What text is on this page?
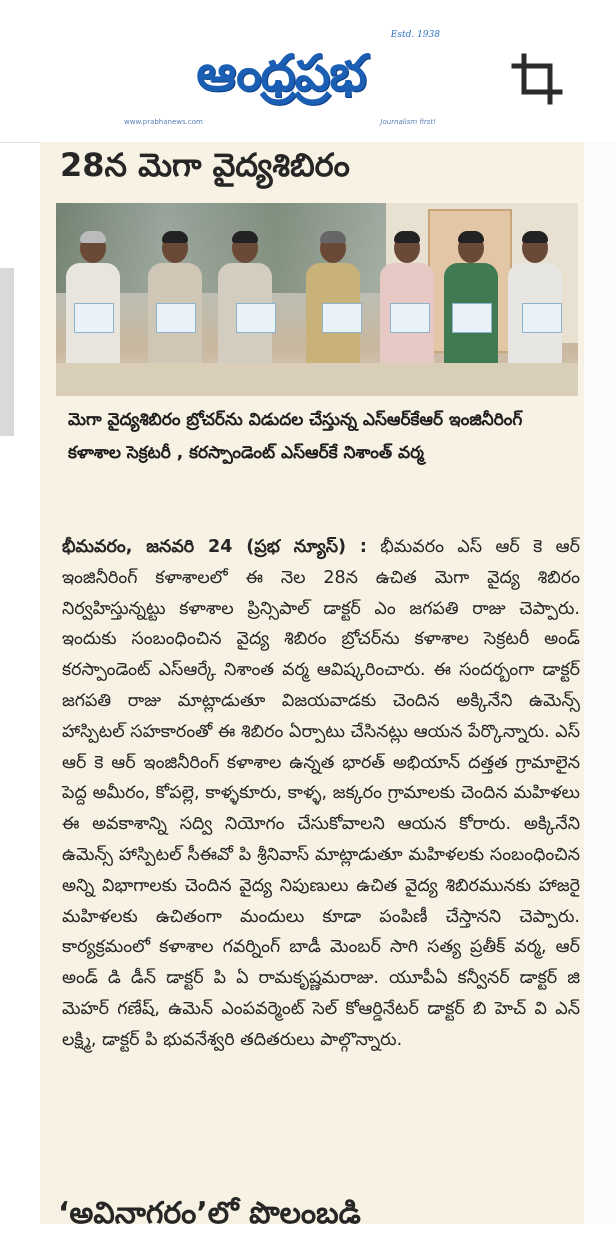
Estd. 1938
ఆంధ్రప్రభ
www.prabhanews.com	Journalism first!
28న మెగా వైద్యశిబిరం
మెగా వైద్యశిబిరం బ్రోచర్‌ను విడుదల చేస్తున్న ఎస్ఆర్‌కేఆర్ ఇంజినీరింగ్ కళాశాల సెక్రటరీ , కరస్పాండెంట్ ఎస్ఆర్‌కే నిశాంత్ వర్మ
భీమవరం, జనవరి 24 (ప్రభ న్యూస్) : భీమవరం ఎస్ ఆర్ కె ఆర్ ఇంజినీరింగ్ కళాశాలలో ఈ నెల 28న ఉచిత మెగా వైద్య శిబిరం నిర్వహిస్తున్నట్టు కళాశాల ప్రిన్సిపాల్ డాక్టర్ ఎం జగపతి రాజు చెప్పారు. ఇందుకు సంబంధించిన వైద్య శిబిరం బ్రోచర్‌ను కళాశాల సెక్రటరీ అండ్ కరస్పాండెంట్ ఎస్ఆర్కే నిశాంత వర్మ ఆవిష్కరించారు. ఈ సందర్బంగా డాక్టర్ జగపతి రాజు మాట్లాడుతూ విజయవాడకు చెందిన అక్కినేని ఉమెన్స్ హాస్పిటల్ సహకారంతో ఈ శిబిరం ఏర్పాటు చేసినట్లు ఆయన పేర్కొన్నారు. ఎస్ ఆర్ కె ఆర్ ఇంజినీరింగ్ కళాశాల ఉన్నత భారత్ అభియాన్ దత్తత గ్రామాలైన పెద్ద అమీరం, కోపల్లె, కాళ్ళకూరు, కాళ్ళ, జక్కరం గ్రామాలకు చెందిన మహిళలు ఈ అవకాశాన్ని సద్వి నియోగం చేసుకోవాలని ఆయన కోరారు. అక్కినేని ఉమెన్స్ హాస్పిటల్ సీఈవో పి శ్రీనివాస్ మాట్లాడుతూ మహిళలకు సంబంధించిన అన్ని విభాగాలకు చెందిన వైద్య నిపుణులు ఉచిత వైద్య శిబిరమునకు హాజరై మహిళలకు ఉచితంగా మందులు కూడా పంపిణీ చేస్తానని చెప్పారు. కార్యక్రమంలో కళాశాల గవర్నింగ్ బాడీ మెంబర్ సాగి సత్య ప్రతీక్ వర్మ, ఆర్ అండ్ డి డీన్ డాక్టర్ పి ఏ రామకృష్ణమరాజు. యూపీఏ కన్వీనర్ డాక్టర్ జి మెహర్ గణేష్, ఉమెన్ ఎంపవర్మెంట్ సెల్ కోఆర్డినేటర్ డాక్టర్ బి హెచ్ వి ఎన్ లక్ష్మి, డాక్టర్ పి భువనేశ్వరి తదితరులు పాల్గొన్నారు.
‘అవినాగరం’లో పొలంబడి
